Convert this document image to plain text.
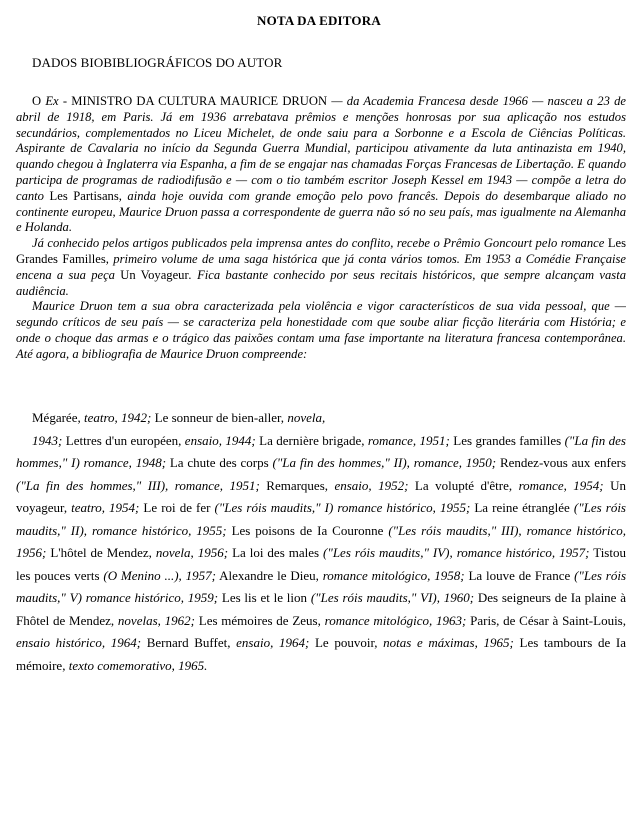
NOTA DA EDITORA
DADOS BIOBIBLIOGRÁFICOS DO AUTOR

O Ex - MINISTRO DA CULTURA MAURICE DRUON — da Academia Francesa desde 1966 — nasceu a 23 de abril de 1918, em Paris. Já em 1936 arrebatava prêmios e menções honrosas por sua aplicação nos estudos secundários, complementados no Liceu Michelet, de onde saiu para a Sorbonne e a Escola de Ciências Políticas. Aspirante de Cavalaria no início da Segunda Guerra Mundial, participou ativamente da luta antinazista em 1940, quando chegou à Inglaterra via Espanha, a fim de se engajar nas chamadas Forças Francesas de Libertação. E quando participa de programas de radiodifusão e — com o tio também escritor Joseph Kessel em 1943 — compõe a letra do canto Les Partisans, ainda hoje ouvida com grande emoção pelo povo francês. Depois do desembarque aliado no continente europeu, Maurice Druon passa a correspondente de guerra não só no seu país, mas igualmente na Alemanha e Holanda.

Já conhecido pelos artigos publicados pela imprensa antes do conflito, recebe o Prêmio Goncourt pelo romance Les Grandes Familles, primeiro volume de uma saga histórica que já conta vários tomos. Em 1953 a Comédie Française encena a sua peça Un Voyageur. Fica bastante conhecido por seus recitais históricos, que sempre alcançam vasta audiência.

Maurice Druon tem a sua obra caracterizada pela violência e vigor característicos de sua vida pessoal, que — segundo críticos de seu país — se caracteriza pela honestidade com que soube aliar ficção literária com História; e onde o choque das armas e o trágico das paixões contam uma fase importante na literatura francesa contemporânea. Até agora, a bibliografia de Maurice Druon compreende:

Mégarée, teatro, 1942; Le sonneur de bien-aller, novela,

1943; Lettres d'un européen, ensaio, 1944; La dernière brigade, romance, 1951; Les grandes familles ("La fin des hommes," I) romance, 1948; La chute des corps ("La fin des hommes," II), romance, 1950; Rendez-vous aux enfers ("La fin des hommes," III), romance, 1951; Remarques, ensaio, 1952; La volupté d'être, romance, 1954; Un voyageur, teatro, 1954; Le roi de fer ("Les róis maudits," I) romance histórico, 1955; La reine étranglée ("Les róis maudits," II), romance histórico, 1955; Les poisons de Ia Couronne ("Les róis maudits," III), romance histórico, 1956; L'hôtel de Mendez, novela, 1956; La loi des males ("Les róis maudits," IV), romance histórico, 1957; Tistou les pouces verts (O Menino ...), 1957; Alexandre le Dieu, romance mitológico, 1958; La louve de France ("Les róis maudits," V) romance histórico, 1959; Les lis et le lion ("Les róis maudits," VI), 1960; Des seigneurs de Ia plaine à Fhôtel de Mendez, novelas, 1962; Les mémoires de Zeus, romance mitológico, 1963; Paris, de César à Saint-Louis, ensaio histórico, 1964; Bernard Buffet, ensaio, 1964; Le pouvoir, notas e máximas, 1965; Les tambours de Ia mémoire, texto comemorativo, 1965.
